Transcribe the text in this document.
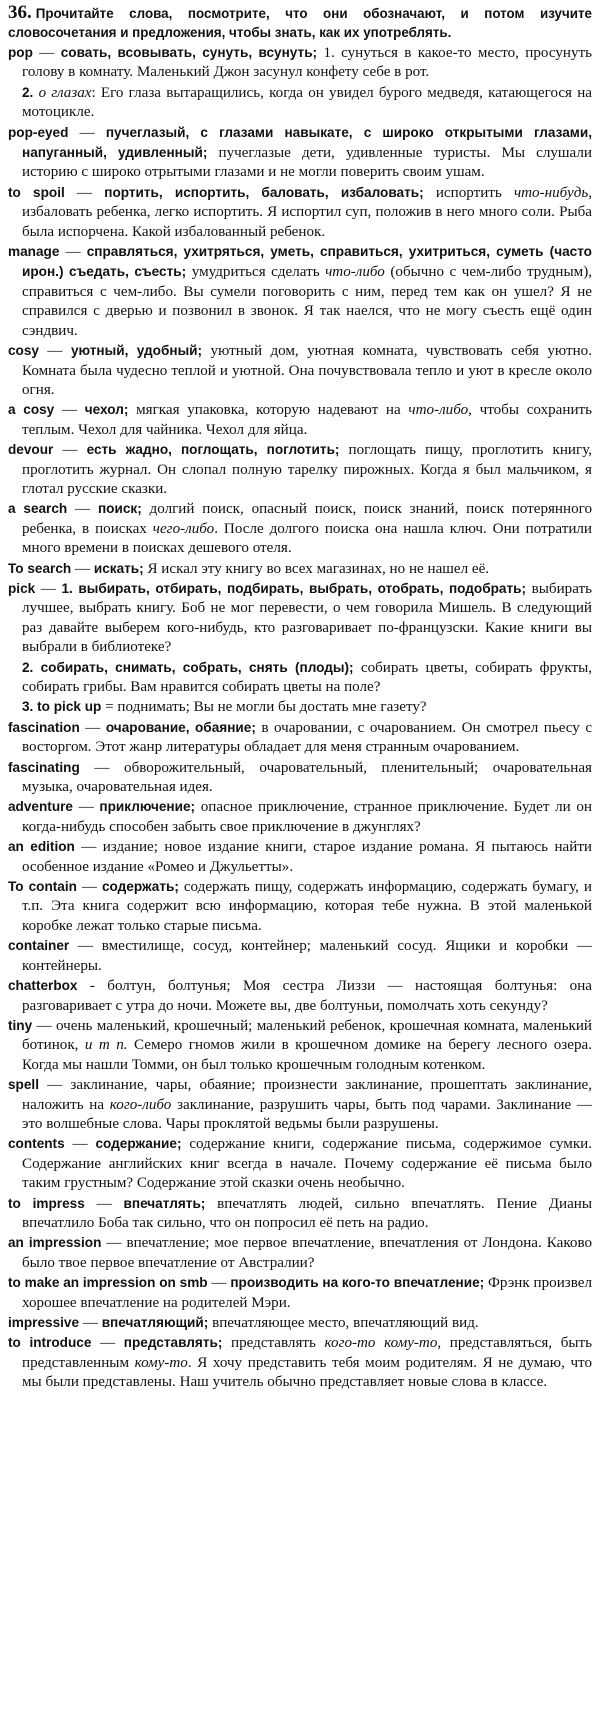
36. Прочитайте слова, посмотрите, что они обозначают, и потом изучите словосочетания и предложения, чтобы знать, как их употреблять.

pop — совать, всовывать, сунуть, всунуть; 1. сунуться в какое-то место, просунуть голову в комнату. Маленький Джон засунул конфету себе в рот.

2. о глазах: Его глаза вытаращились, когда он увидел бурого медведя, катающегося на мотоцикле.

pop-eyed — пучеглазый, с глазами навыкате, с широко открытыми глазами, напуганный, удивленный; пучеглазые дети, удивленные туристы. Мы слушали историю с широко отрытыми глазами и не могли поверить своим ушам.

to spoil — портить, испортить, баловать, избаловать; испортить что-нибудь, избаловать ребенка, легко испортить. Я испортил суп, положив в него много соли. Рыба была испорчена. Какой избалованный ребенок.

manage — справляться, ухитряться, уметь, справиться, ухитриться, суметь (часто ирон.) съедать, съесть; умудриться сделать что-либо (обычно с чем-либо трудным), справиться с чем-либо. Вы сумели поговорить с ним, перед тем как он ушел? Я не справился с дверью и позвонил в звонок. Я так наелся, что не могу съесть ещё один сэндвич.

cosy — уютный, удобный; уютный дом, уютная комната, чувствовать себя уютно. Комната была чудесно теплой и уютной. Она почувствовала тепло и уют в кресле около огня.

a cosy — чехол; мягкая упаковка, которую надевают на что-либо, чтобы сохранить теплым. Чехол для чайника. Чехол для яйца.

devour — есть жадно, поглощать, поглотить; поглощать пищу, проглотить книгу, проглотить журнал. Он слопал полную тарелку пирожных. Когда я был мальчиком, я глотал русские сказки.

a search — поиск; долгий поиск, опасный поиск, поиск знаний, поиск потерянного ребенка, в поисках чего-либо. После долгого поиска она нашла ключ. Они потратили много времени в поисках дешевого отеля.

To search — искать; Я искал эту книгу во всех магазинах, но не нашел её.

pick — 1. выбирать, отбирать, подбирать, выбрать, отобрать, подобрать; выбирать лучшее, выбрать книгу. Боб не мог перевести, о чем говорила Мишель. В следующий раз давайте выберем кого-нибудь, кто разговаривает по-французски. Какие книги вы выбрали в библиотеке?

2. собирать, снимать, собрать, снять (плоды); собирать цветы, собирать фрукты, собирать грибы. Вам нравится собирать цветы на поле?

3. to pick up = поднимать; Вы не могли бы достать мне газету?

fascination — очарование, обаяние; в очаровании, с очарованием. Он смотрел пьесу с восторгом. Этот жанр литературы обладает для меня странным очарованием.

fascinating — обворожительный, очаровательный, пленительный; очаровательная музыка, очаровательная идея.

adventure — приключение; опасное приключение, странное приключение. Будет ли он когда-нибудь способен забыть свое приключение в джунглях?

an edition — издание; новое издание книги, старое издание романа. Я пытаюсь найти особенное издание «Ромео и Джульетты».

To contain — содержать; содержать пищу, содержать информацию, содержать бумагу, и т.п. Эта книга содержит всю информацию, которая тебе нужна. В этой маленькой коробке лежат только старые письма.

container — вместилище, сосуд, контейнер; маленький сосуд. Ящики и коробки — контейнеры.

chatterbox - болтун, болтунья; Моя сестра Лиззи — настоящая болтунья: она разговаривает с утра до ночи. Можете вы, две болтуньи, помолчать хоть секунду?

tiny — очень маленький, крошечный; маленький ребенок, крошечная комната, маленький ботинок, и т п. Семеро гномов жили в крошечном домике на берегу лесного озера. Когда мы нашли Томми, он был только крошечным голодным котенком.

spell — заклинание, чары, обаяние; произнести заклинание, прошептать заклинание, наложить на кого-либо заклинание, разрушить чары, быть под чарами. Заклинание — это волшебные слова. Чары проклятой ведьмы были разрушены.

contents — содержание; содержание книги, содержание письма, содержимое сумки. Содержание английских книг всегда в начале. Почему содержание её письма было таким грустным? Содержание этой сказки очень необычно.

to impress — впечатлять; впечатлять людей, сильно впечатлять. Пение Дианы впечатлило Боба так сильно, что он попросил её петь на радио.

an impression — впечатление; мое первое впечатление, впечатления от Лондона. Каково было твое первое впечатление от Австралии?

to make an impression on smb — производить на кого-то впечатление; Фрэнк произвел хорошее впечатление на родителей Мэри.

impressive — впечатляющий; впечатляющее место, впечатляющий вид.

to introduce — представлять; представлять кого-то кому-то, представляться, быть представленным кому-то. Я хочу представить тебя моим родителям. Я не думаю, что мы были представлены. Наш учитель обычно представляет новые слова в классе.
